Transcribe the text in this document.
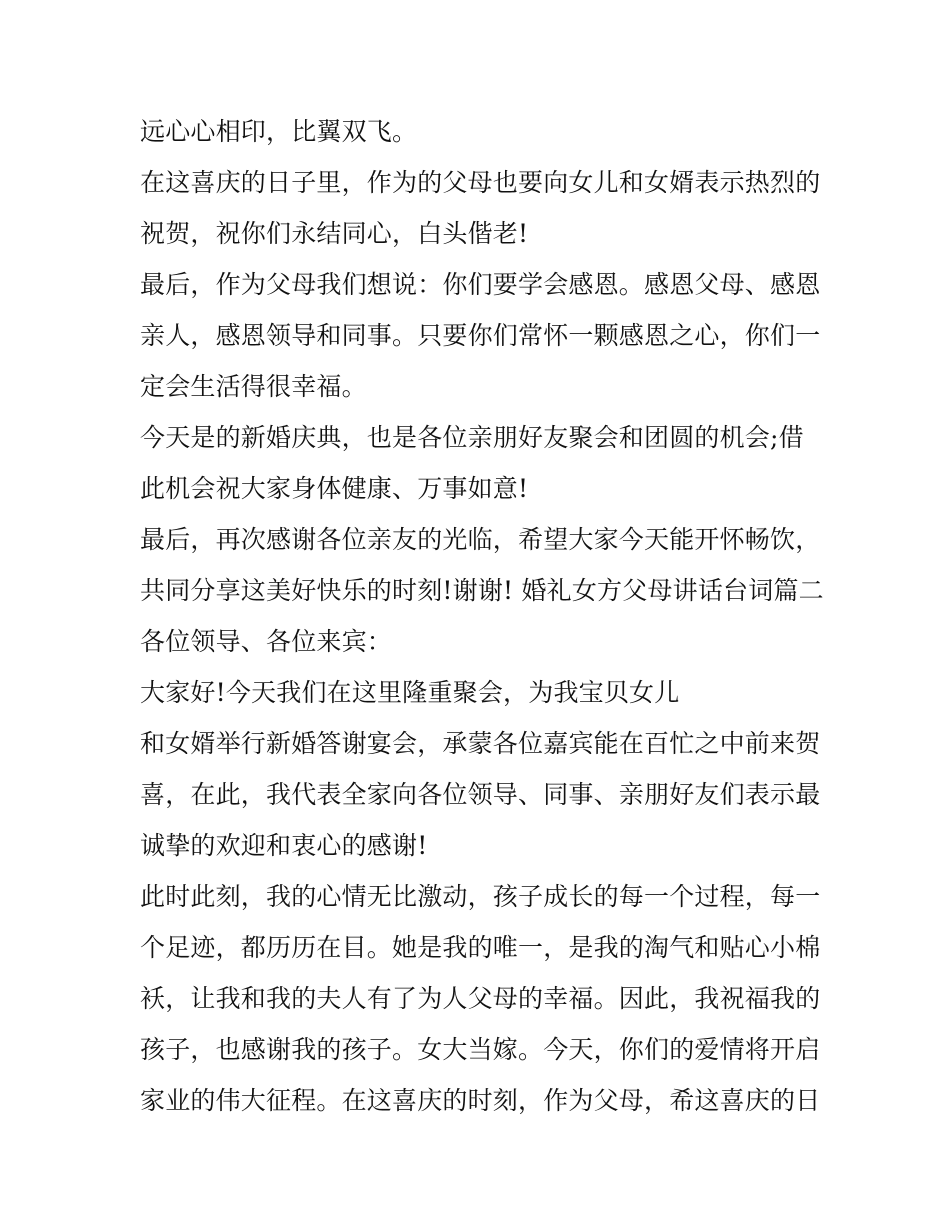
远心心相印，比翼双飞。
在这喜庆的日子里，作为的父母也要向女儿和女婿表示热烈的
祝贺，祝你们永结同心，白头偕老!
最后，作为父母我们想说：你们要学会感恩。感恩父母、感恩
亲人，感恩领导和同事。只要你们常怀一颗感恩之心，你们一
定会生活得很幸福。
今天是的新婚庆典，也是各位亲朋好友聚会和团圆的机会;借
此机会祝大家身体健康、万事如意!
最后，再次感谢各位亲友的光临，希望大家今天能开怀畅饮，
共同分享这美好快乐的时刻!谢谢! 婚礼女方父母讲话台词篇二
各位领导、各位来宾：
大家好!今天我们在这里隆重聚会，为我宝贝女儿
和女婿举行新婚答谢宴会，承蒙各位嘉宾能在百忙之中前来贺
喜，在此，我代表全家向各位领导、同事、亲朋好友们表示最
诚挚的欢迎和衷心的感谢!
此时此刻，我的心情无比激动，孩子成长的每一个过程，每一
个足迹，都历历在目。她是我的唯一，是我的淘气和贴心小棉
袄，让我和我的夫人有了为人父母的幸福。因此，我祝福我的
孩子，也感谢我的孩子。女大当嫁。今天，你们的爱情将开启
家业的伟大征程。在这喜庆的时刻，作为父母，希这喜庆的日
